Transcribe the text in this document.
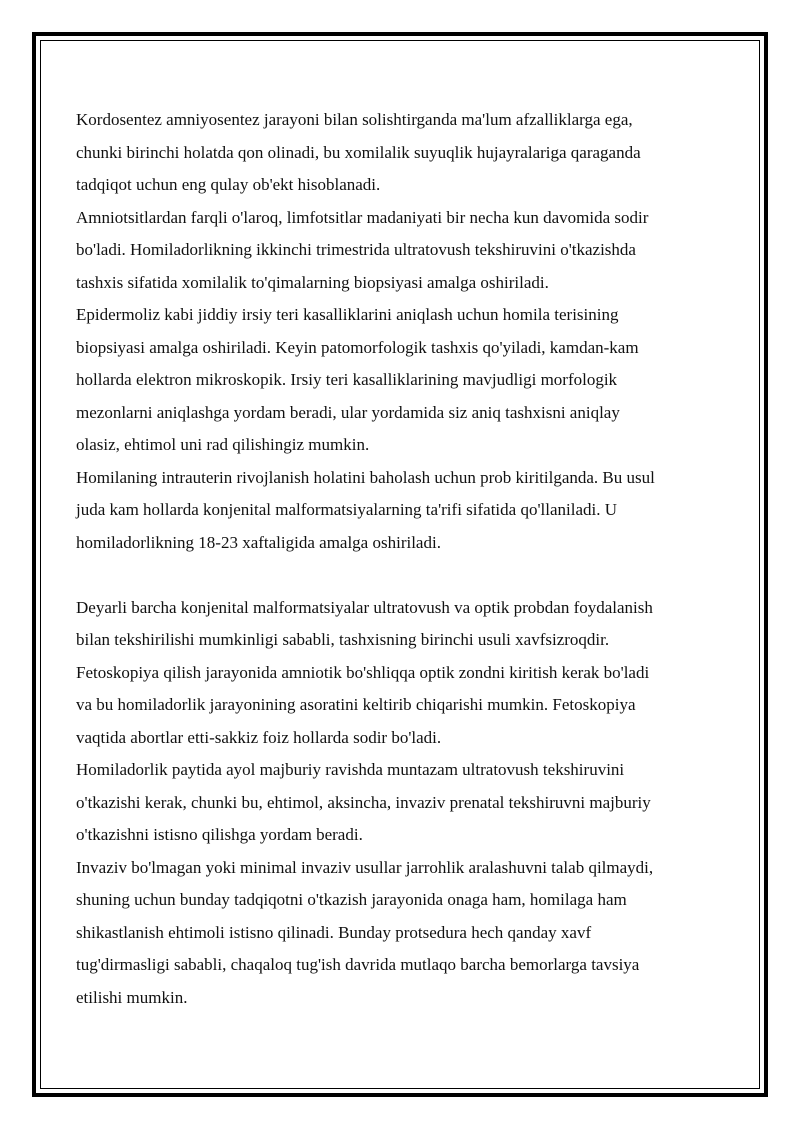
Kordosentez amniyosentez jarayoni bilan solishtirganda ma'lum afzalliklarga ega,
chunki birinchi holatda qon olinadi, bu xomilalik suyuqlik hujayralariga qaraganda
tadqiqot uchun eng qulay ob'ekt hisoblanadi.
Amniotsitlardan farqli o'laroq, limfotsitlar madaniyati bir necha kun davomida sodir
bo'ladi. Homiladorlikning ikkinchi trimestrida ultratovush tekshiruvini o'tkazishda
tashxis sifatida xomilalik to'qimalarning biopsiyasi amalga oshiriladi.
Epidermoliz kabi jiddiy irsiy teri kasalliklarini aniqlash uchun homila terisining
biopsiyasi amalga oshiriladi. Keyin patomorfologik tashxis qo'yiladi, kamdan-kam
hollarda elektron mikroskopik. Irsiy teri kasalliklarining mavjudligi morfologik
mezonlarni aniqlashga yordam beradi, ular yordamida siz aniq tashxisni aniqlay
olasiz, ehtimol uni rad qilishingiz mumkin.
Homilaning intrauterin rivojlanish holatini baholash uchun prob kiritilganda. Bu usul
juda kam hollarda konjenital malformatsiyalarning ta'rifi sifatida qo'llaniladi. U
homiladorlikning 18-23 xaftaligida amalga oshiriladi.
Deyarli barcha konjenital malformatsiyalar ultratovush va optik probdan foydalanish
bilan tekshirilishi mumkinligi sababli, tashxisning birinchi usuli xavfsizroqdir.
Fetoskopiya qilish jarayonida amniotik bo'shliqqa optik zondni kiritish kerak bo'ladi
va bu homiladorlik jarayonining asoratini keltirib chiqarishi mumkin. Fetoskopiya
vaqtida abortlar etti-sakkiz foiz hollarda sodir bo'ladi.
Homiladorlik paytida ayol majburiy ravishda muntazam ultratovush tekshiruvini
o'tkazishi kerak, chunki bu, ehtimol, aksincha, invaziv prenatal tekshiruvni majburiy
o'tkazishni istisno qilishga yordam beradi.
Invaziv bo'lmagan yoki minimal invaziv usullar jarrohlik aralashuvni talab qilmaydi,
shuning uchun bunday tadqiqotni o'tkazish jarayonida onaga ham, homilaga ham
shikastlanish ehtimoli istisno qilinadi. Bunday protsedura hech qanday xavf
tug'dirmasligi sababli, chaqaloq tug'ish davrida mutlaqo barcha bemorlarga tavsiya
etilishi mumkin.
